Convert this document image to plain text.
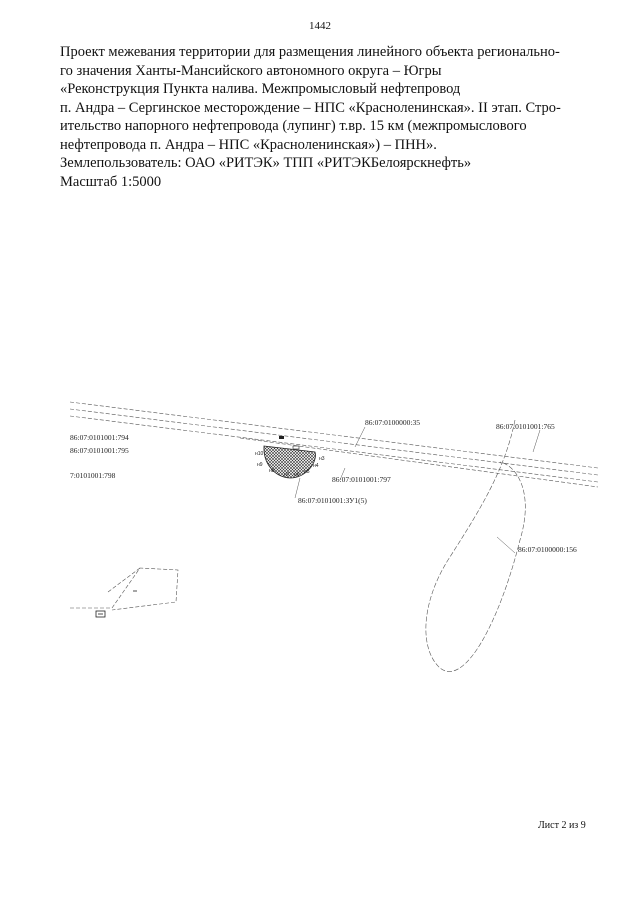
1442
Проект межевания территории для размещения линейного объекта регионально-
го значения Ханты-Мансийского автономного округа – Югры
«Реконструкция Пункта налива. Межпромысловый нефтепровод
п. Андра – Сергинское месторождение – НПС «Красноленинская». II этап. Стро-
ительство напорного нефтепровода (лупинг) т.вр. 15 км (межпромыслового
нефтепровода п. Андра – НПС «Красноленинская») – ПНН».
Землепользователь: ОАО «РИТЭК» ТПП «РИТЭКБелоярскнефть»
Масштаб 1:5000
86:07:0100000:35	86:07:0101001:765
86:07:0101001:794
86:07:0101001:795
7:0101001:798	86:07:0101001:797
86:07:0101001:ЗУ1(5)
86:07:0100000:156
н10
н9
н8
н7 н6 н5
н4
н3
Лист 2 из 9
